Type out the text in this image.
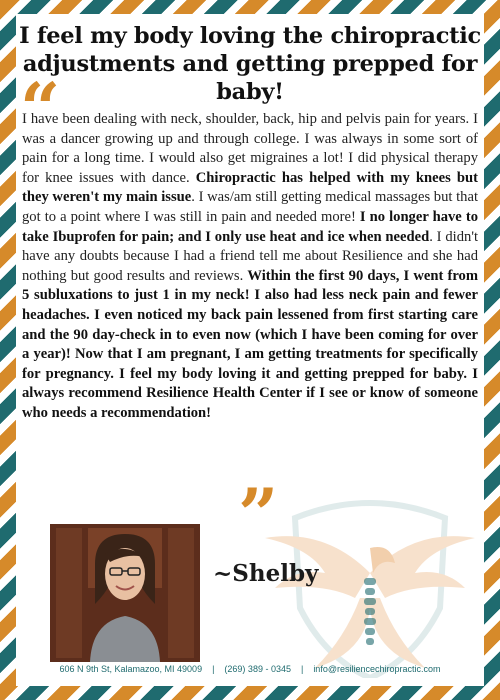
I feel my body loving the chiropractic adjustments and getting prepped for baby!
“

I have been dealing with neck, shoulder, back, hip and pelvis pain for years. I was a dancer growing up and through college. I was always in some sort of pain for a long time. I would also get migraines a lot! I did physical therapy for knee issues with dance. Chiropractic has helped with my knees but they weren't my main issue. I was/am still getting medical massages but that got to a point where I was still in pain and needed more! I no longer have to take Ibuprofen for pain; and I only use heat and ice when needed. I didn't have any doubts because I had a friend tell me about Resilience and she had nothing but good results and reviews. Within the first 90 days, I went from 5 subluxations to just 1 in my neck! I also had less neck pain and fewer headaches. I even noticed my back pain lessened from first starting care and the 90 day-check in to even now (which I have been coming for over a year)! Now that I am pregnant, I am getting treatments for specifically for pregnancy. I feel my body loving it and getting prepped for baby. I always recommend Resilience Health Center if I see or know of someone who needs a recommendation!

”

~Shelby

606 N 9th St, Kalamazoo, MI 49009 | (269) 389 - 0345 | info@resiliencechiropractic.com
